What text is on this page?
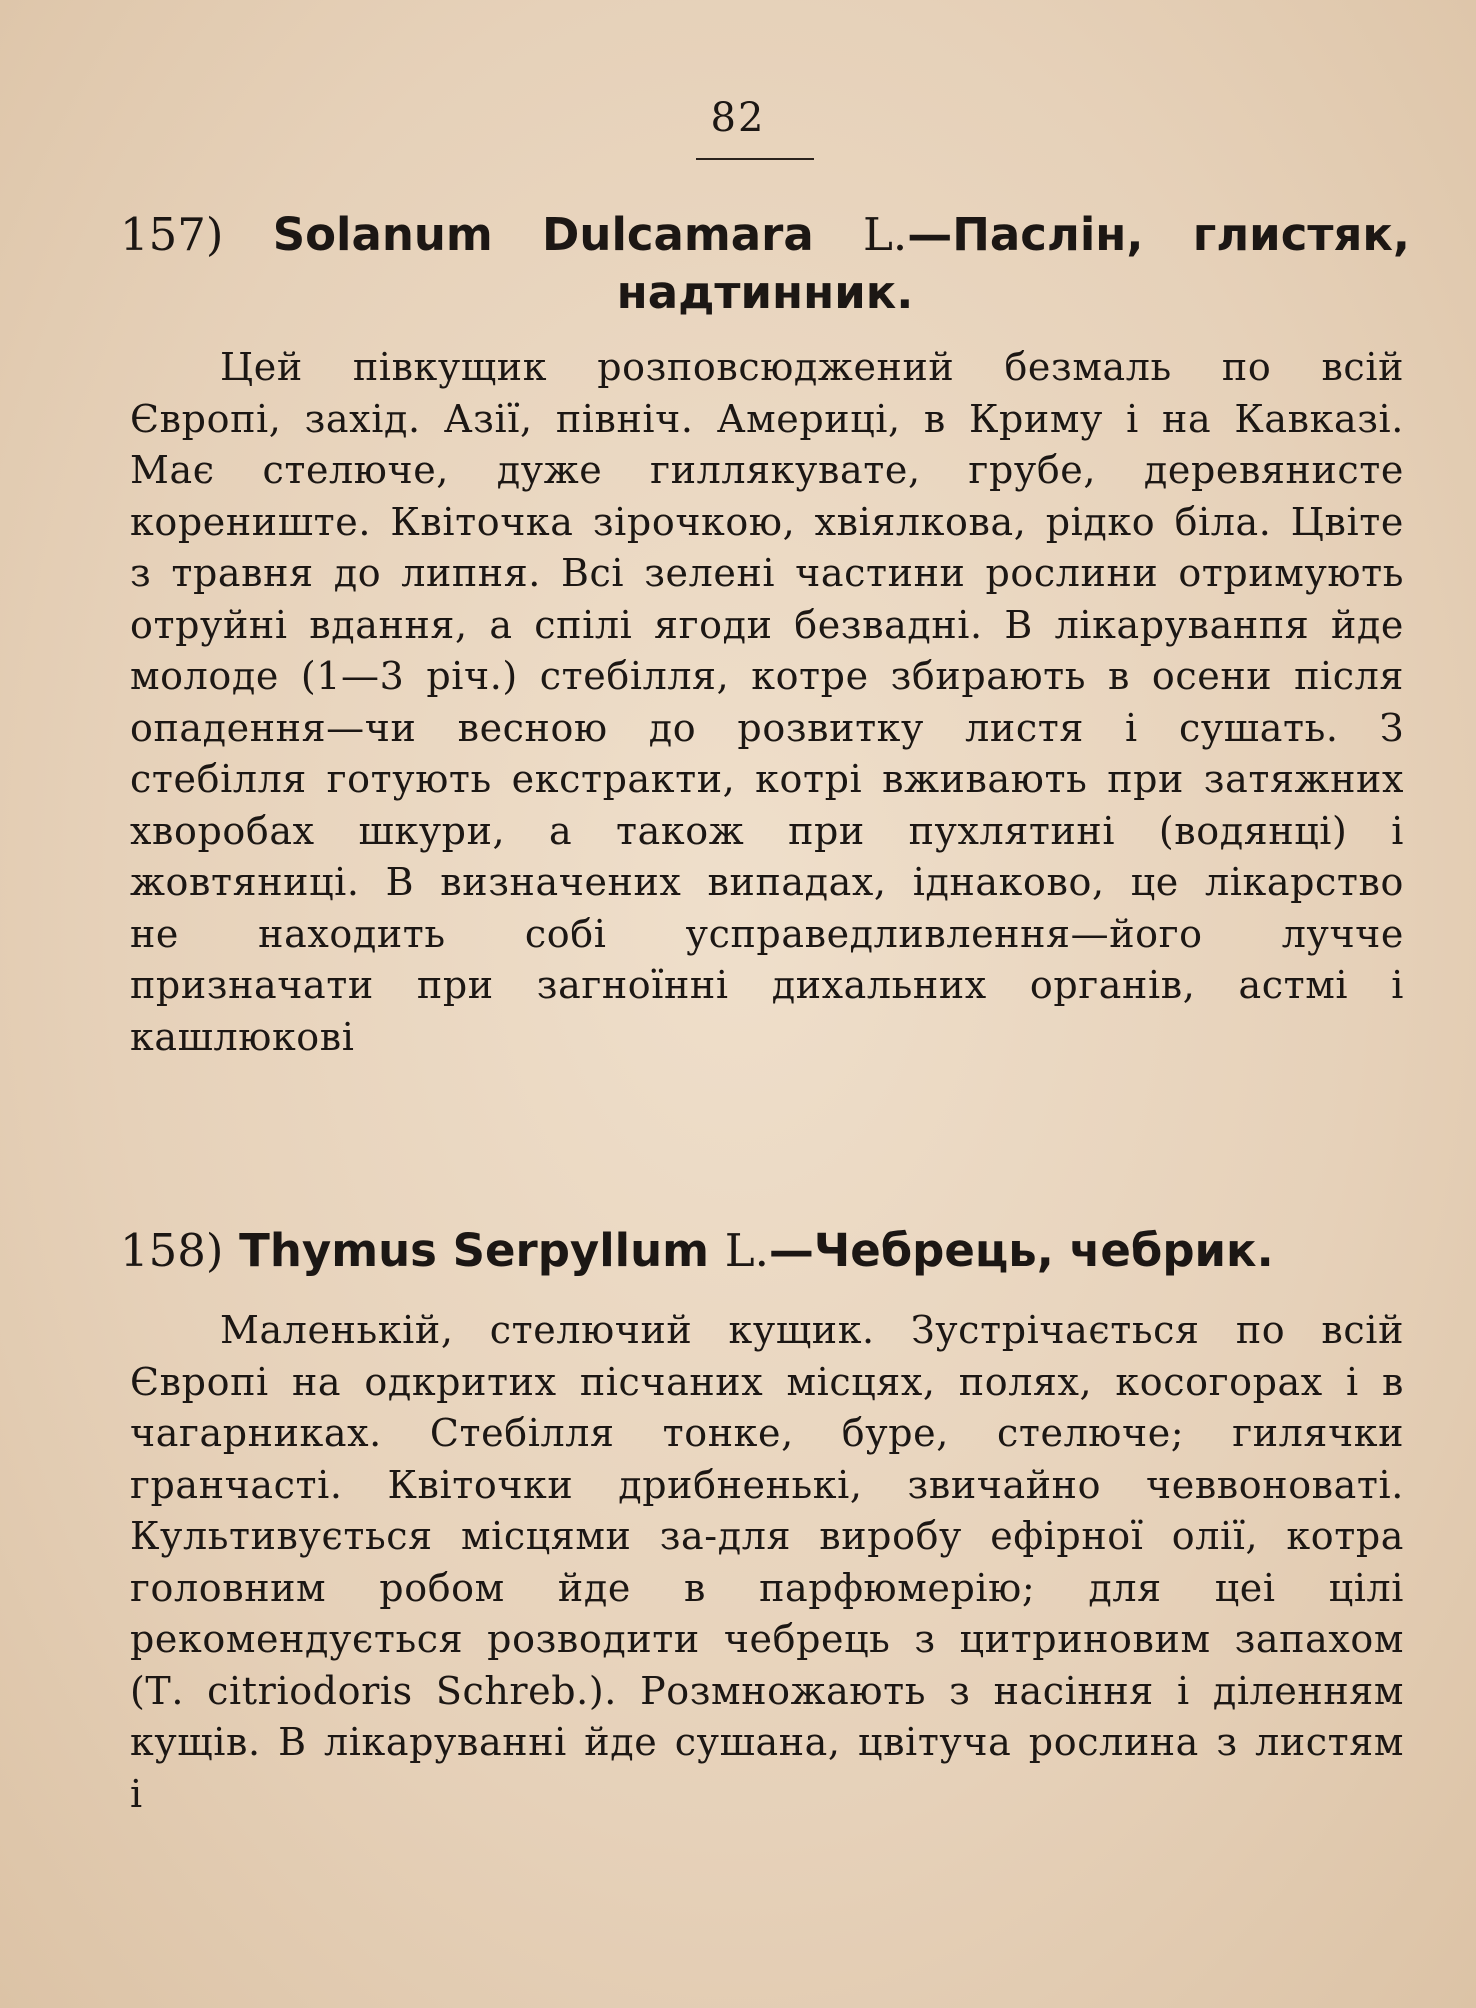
82
157) Solanum Dulcamara L.—Паслін, глистяк, надтинник.
Цей півкущик розповсюджений безмаль по всій Європі, захід. Азії, північ. Америці, в Криму і на Кавказі. Має стелюче, дуже гиллякувате, грубе, деревянисте корениште. Квіточка зірочкою, хвіялкова, рідко біла. Цвіте з травня до липня. Всі зелені частини рослини отримують отруйні вдання, а спілі ягоди безвадні. В лікаруванпя йде молоде (1—3 річ.) стебілля, котре збирають в осени після опадення—чи весною до розвитку листя і сушать. З стебілля готують екстракти, котрі вживають при затяжних хворобах шкури, а також при пухлятині (водянці) і жовтяниці. В визначених випадах, іднаково, це лікарство не находить собі усправедливлення—його лучче призначати при загноїнні дихальних органів, астмі і кашлюкові
158) Thymus Serpyllum L.—Чебрець, чебрик.
Маленькій, стелючий кущик. Зустрічається по всій Європі на одкритих пісчаних місцях, полях, косогорах і в чагарниках. Стебілля тонке, буре, стелюче; гилячки гранчасті. Квіточки дрибненькі, звичайно чеввоноваті. Культивується місцями за-для виробу ефірної олії, котра головним робом йде в парфюмерію; для цеі цілі рекомендується розводити чебрець з цитриновим запахом (Т. citriodoris Schreb.). Розмножають з насіння і діленням кущів. В лікаруванні йде сушана, цвітуча рослина з листям і
